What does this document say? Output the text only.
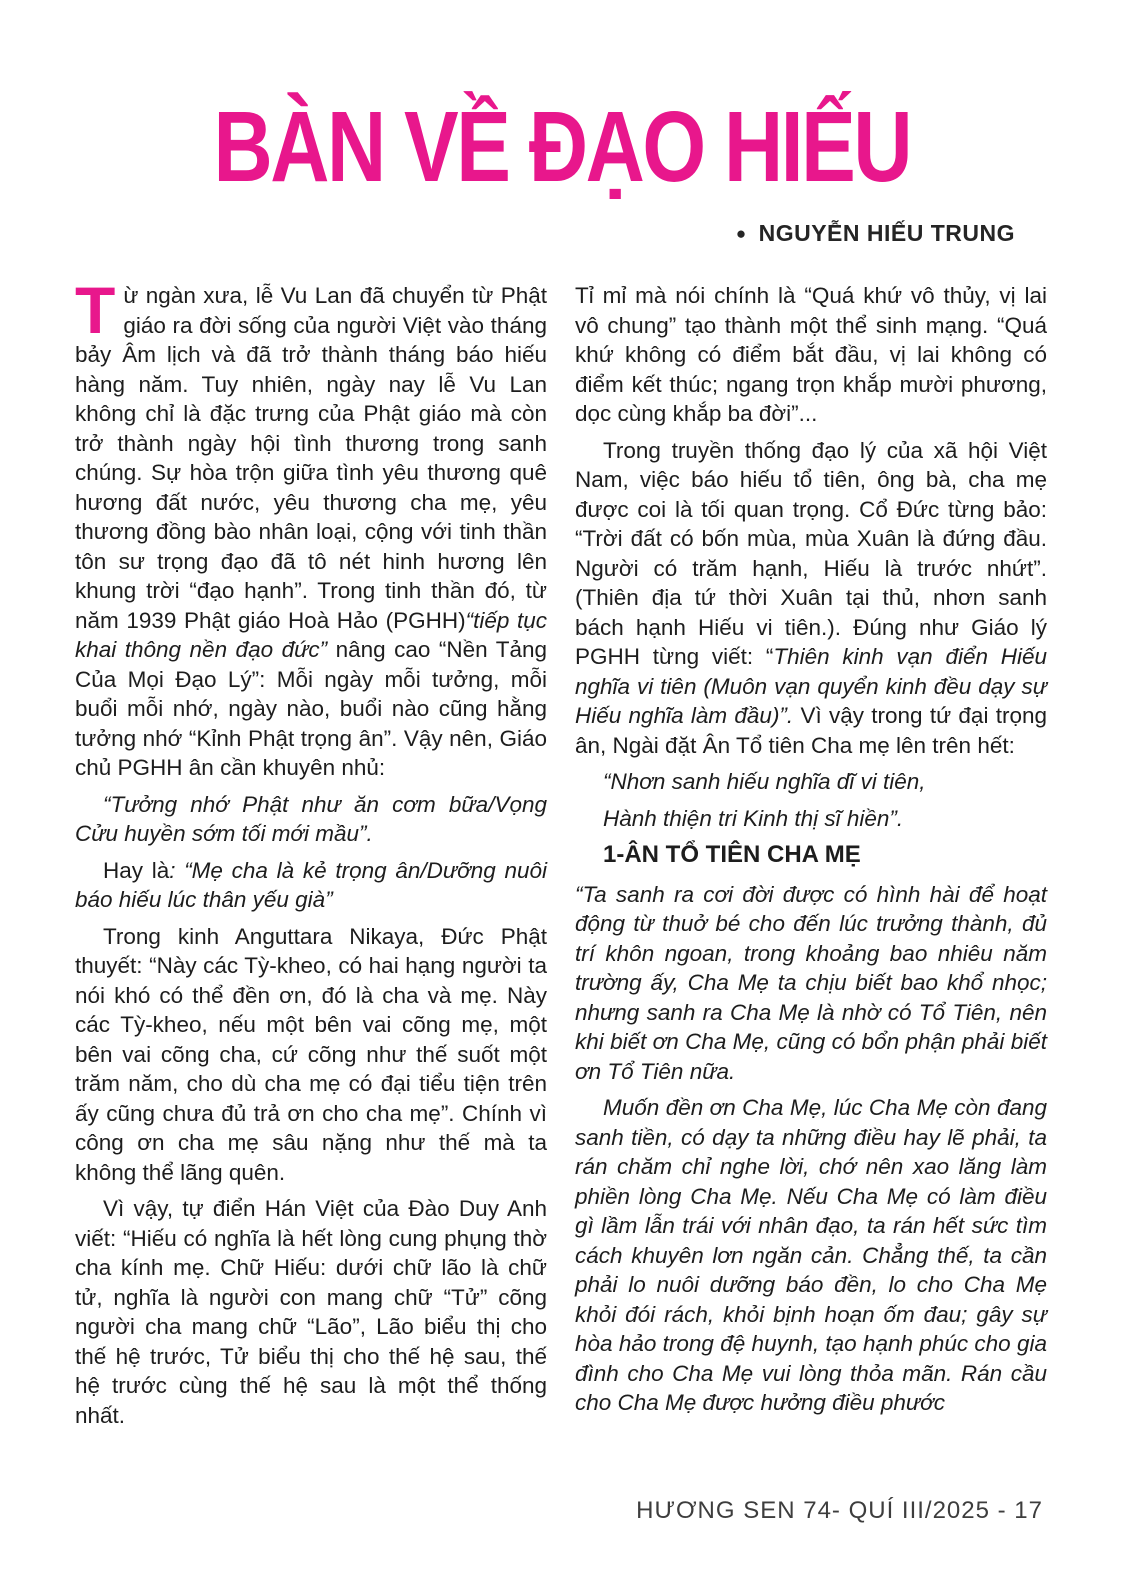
BÀN VỀ ĐẠO HIẾU
● NGUYỄN HIẾU TRUNG

Từ ngàn xưa, lễ Vu Lan đã chuyển từ Phật giáo ra đời sống của người Việt vào tháng bảy Âm lịch và đã trở thành tháng báo hiếu hàng năm. Tuy nhiên, ngày nay lễ Vu Lan không chỉ là đặc trưng của Phật giáo mà còn trở thành ngày hội tình thương trong sanh chúng. Sự hòa trộn giữa tình yêu thương quê hương đất nước, yêu thương cha mẹ, yêu thương đồng bào nhân loại, cộng với tinh thần tôn sư trọng đạo đã tô nét hinh hương lên khung trời “đạo hạnh”. Trong tinh thần đó, từ năm 1939 Phật giáo Hoà Hảo (PGHH)“tiếp tục khai thông nền đạo đức” nâng cao “Nền Tảng Của Mọi Đạo Lý”: Mỗi ngày mỗi tưởng, mỗi buổi mỗi nhớ, ngày nào, buổi nào cũng hằng tưởng nhớ “Kỉnh Phật trọng ân”. Vậy nên, Giáo chủ PGHH ân cần khuyên nhủ:

“Tưởng nhớ Phật như ăn cơm bữa/Vọng Cửu huyền sớm tối mới mầu”.

Hay là: “Mẹ cha là kẻ trọng ân/Dưỡng nuôi báo hiếu lúc thân yếu già”

Trong kinh Anguttara Nikaya, Đức Phật thuyết: “Này các Tỳ-kheo, có hai hạng người ta nói khó có thể đền ơn, đó là cha và mẹ. Này các Tỳ-kheo, nếu một bên vai cõng mẹ, một bên vai cõng cha, cứ cõng như thế suốt một trăm năm, cho dù cha mẹ có đại tiểu tiện trên ấy cũng chưa đủ trả ơn cho cha mẹ”. Chính vì công ơn cha mẹ sâu nặng như thế mà ta không thể lãng quên.

Vì vậy, tự điển Hán Việt của Đào Duy Anh viết: “Hiếu có nghĩa là hết lòng cung phụng thờ cha kính mẹ. Chữ Hiếu: dưới chữ lão là chữ tử, nghĩa là người con mang chữ “Tử” cõng người cha mang chữ “Lão”, Lão biểu thị cho thế hệ trước, Tử biểu thị cho thế hệ sau, thế hệ trước cùng thế hệ sau là một thể thống nhất.

Tỉ mỉ mà nói chính là “Quá khứ vô thủy, vị lai vô chung” tạo thành một thể sinh mạng. “Quá khứ không có điểm bắt đầu, vị lai không có điểm kết thúc; ngang trọn khắp mười phương, dọc cùng khắp ba đời”...

Trong truyền thống đạo lý của xã hội Việt Nam, việc báo hiếu tổ tiên, ông bà, cha mẹ được coi là tối quan trọng. Cổ Đức từng bảo: “Trời đất có bốn mùa, mùa Xuân là đứng đầu. Người có trăm hạnh, Hiếu là trước nhứt”. (Thiên địa tứ thời Xuân tại thủ, nhơn sanh bách hạnh Hiếu vi tiên.). Đúng như Giáo lý PGHH từng viết: “Thiên kinh vạn điển Hiếu nghĩa vi tiên (Muôn vạn quyển kinh đều dạy sự Hiếu nghĩa làm đầu)”. Vì vậy trong tứ đại trọng ân, Ngài đặt Ân Tổ tiên Cha mẹ lên trên hết:

“Nhơn sanh hiếu nghĩa dĩ vi tiên,

Hành thiện tri Kinh thị sĩ hiền”.

1-ÂN TỔ TIÊN CHA MẸ

“Ta sanh ra cơi đời được có hình hài để hoạt động từ thuở bé cho đến lúc trưởng thành, đủ trí khôn ngoan, trong khoảng bao nhiêu năm trường ấy, Cha Mẹ ta chịu biết bao khổ nhọc; nhưng sanh ra Cha Mẹ là nhờ có Tổ Tiên, nên khi biết ơn Cha Mẹ, cũng có bổn phận phải biết ơn Tổ Tiên nữa.

Muốn đền ơn Cha Mẹ, lúc Cha Mẹ còn đang sanh tiền, có dạy ta những điều hay lẽ phải, ta rán chăm chỉ nghe lời, chớ nên xao lăng làm phiền lòng Cha Mẹ. Nếu Cha Mẹ có làm điều gì lầm lẫn trái với nhân đạo, ta rán hết sức tìm cách khuyên lơn ngăn cản. Chẳng thế, ta cần phải lo nuôi dưỡng báo đền, lo cho Cha Mẹ khỏi đói rách, khỏi bịnh hoạn ốm đau; gây sự hòa hảo trong đệ huynh, tạo hạnh phúc cho gia đình cho Cha Mẹ vui lòng thỏa mãn. Rán cầu cho Cha Mẹ được hưởng điều phước

HƯƠNG SEN 74- QUÍ III/2025 - 17
